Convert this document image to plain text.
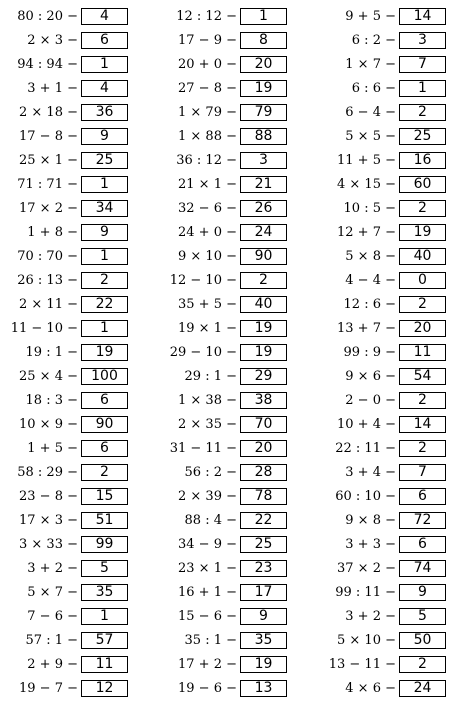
80 : 20 −	4
2 × 3 −	6
94 : 94 −	1
3 + 1 −	4
2 × 18 −	36
17 − 8 −	9
25 × 1 −	25
71 : 71 −	1
17 × 2 −	34
1 + 8 −	9
70 : 70 −	1
26 : 13 −	2
2 × 11 −	22
11 − 10 −	1
19 : 1 −	19
25 × 4 − 100
18 : 3 −	6
10 × 9 −	90
1 + 5 −	6
58 : 29 −	2
23 − 8 −	15
17 × 3 −	51
3 × 33 −	99
3 + 2 −	5
5 × 7 −	35
7 − 6 −	1
57 : 1 −	57
2 + 9 −	11
19 − 7 −	12
12 : 12 −	1
17 − 9 −	8
20 + 0 −	20
27 − 8 −	19
1 × 79 −	79
1 × 88 −	88
36 : 12 −	3
21 × 1 −	21
32 − 6 −	26
24 + 0 −	24
9 × 10 −	90
12 − 10 −	2
35 + 5 −	40
19 × 1 −	19
29 − 10 −	19
29 : 1 −	29
1 × 38 −	38
2 × 35 −	70
31 − 11 −	20
56 : 2 −	28
2 × 39 −	78
88 : 4 −	22
34 − 9 −	25
23 × 1 −	23
16 + 1 −	17
15 − 6 −	9
35 : 1 −	35
17 + 2 −	19
19 − 6 −	13
9 + 5 −	14
6 : 2 −	3
1 × 7 −	7
6 : 6 −	1
6 − 4 −	2
5 × 5 −	25
11 + 5 −	16
4 × 15 −	60
10 : 5 −	2
12 + 7 −	19
5 × 8 −	40
4 − 4 −	0
12 : 6 −	2
13 + 7 −	20
99 : 9 −	11
9 × 6 −	54
2 − 0 −	2
10 + 4 −	14
22 : 11 −	2
3 + 4 −	7
60 : 10 −	6
9 × 8 −	72
3 + 3 −	6
37 × 2 −	74
99 : 11 −	9
3 + 2 −	5
5 × 10 −	50
13 − 11 −	2
4 × 6 −	24
